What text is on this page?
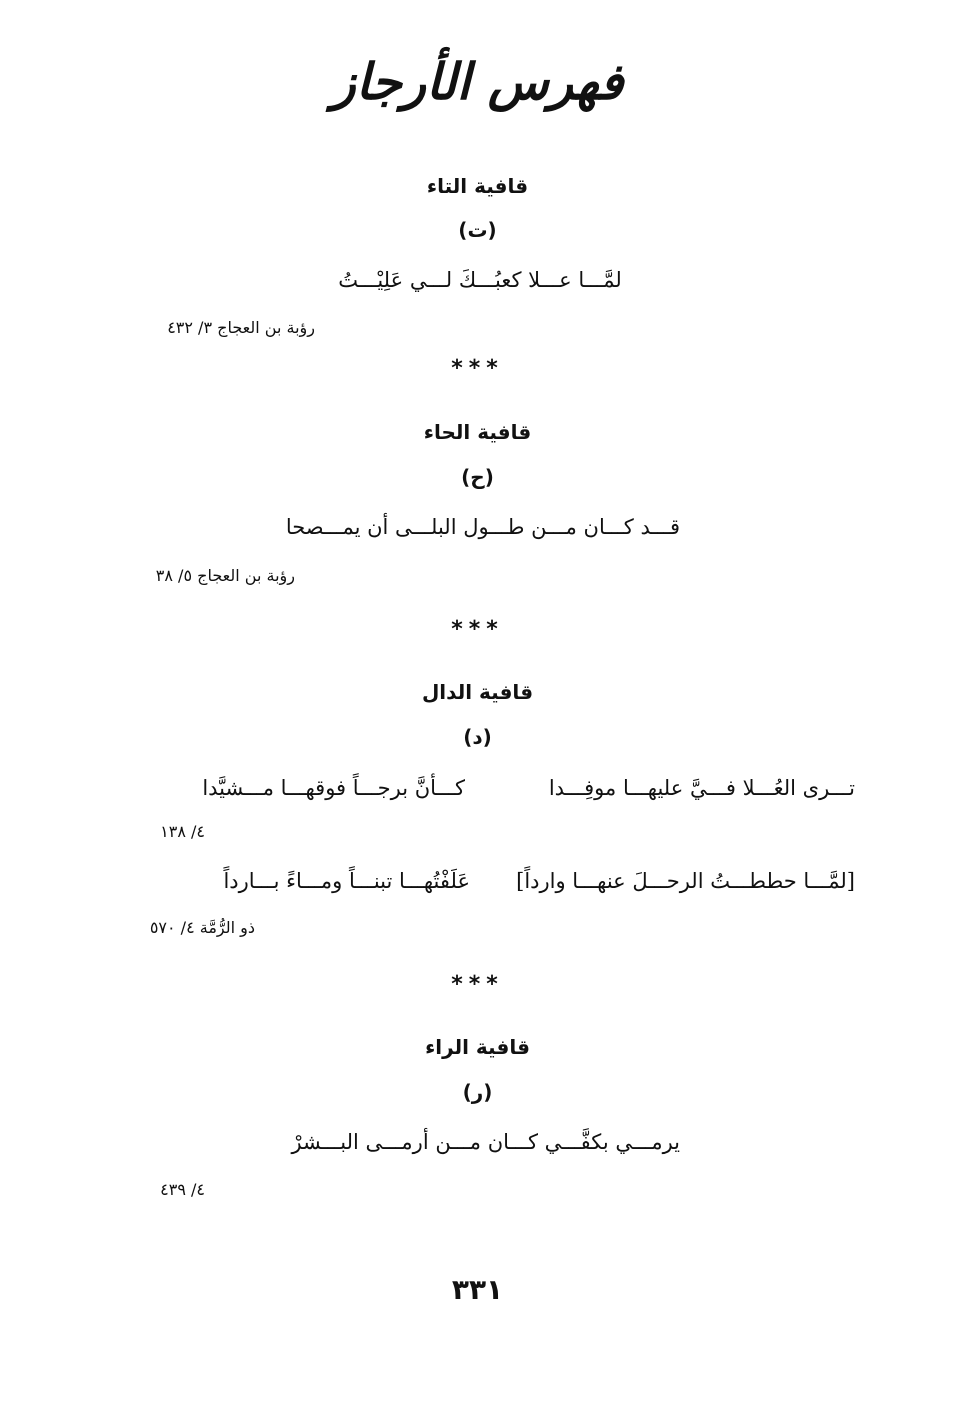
فهرس الأرجاز
قافية التاء
(ت)
لمَّـــا عـــلا كعبُـــكَ لـــي عَلِيْـــتُ
رؤبة بن العجاج ٣/ ٤٣٢
***
قافية الحاء
(ح)
قـــد كـــان مـــن طـــول البلـــى أن يمـــصحا
رؤبة بن العجاج ٥/ ٣٨
***
قافية الدال
(د)
تـــرى العُـــلا فـــيَّ عليهـــا موفِـــدا
كـــأنَّ برجـــاً فوقهـــا مـــشيَّدا
٤/ ١٣٨
[لمَّـــا حططـــتُ الرحـــلَ عنهـــا وارداً]
عَلَفْتُهـــا تبنـــاً ومـــاءً بـــارداً
ذو الرُّمَّة ٤/ ٥٧٠
***
قافية الراء
(ر)
يرمـــي بكفَّـــي كـــان مـــن أرمـــى البـــشرْ
٤/ ٤٣٩
٣٣١
